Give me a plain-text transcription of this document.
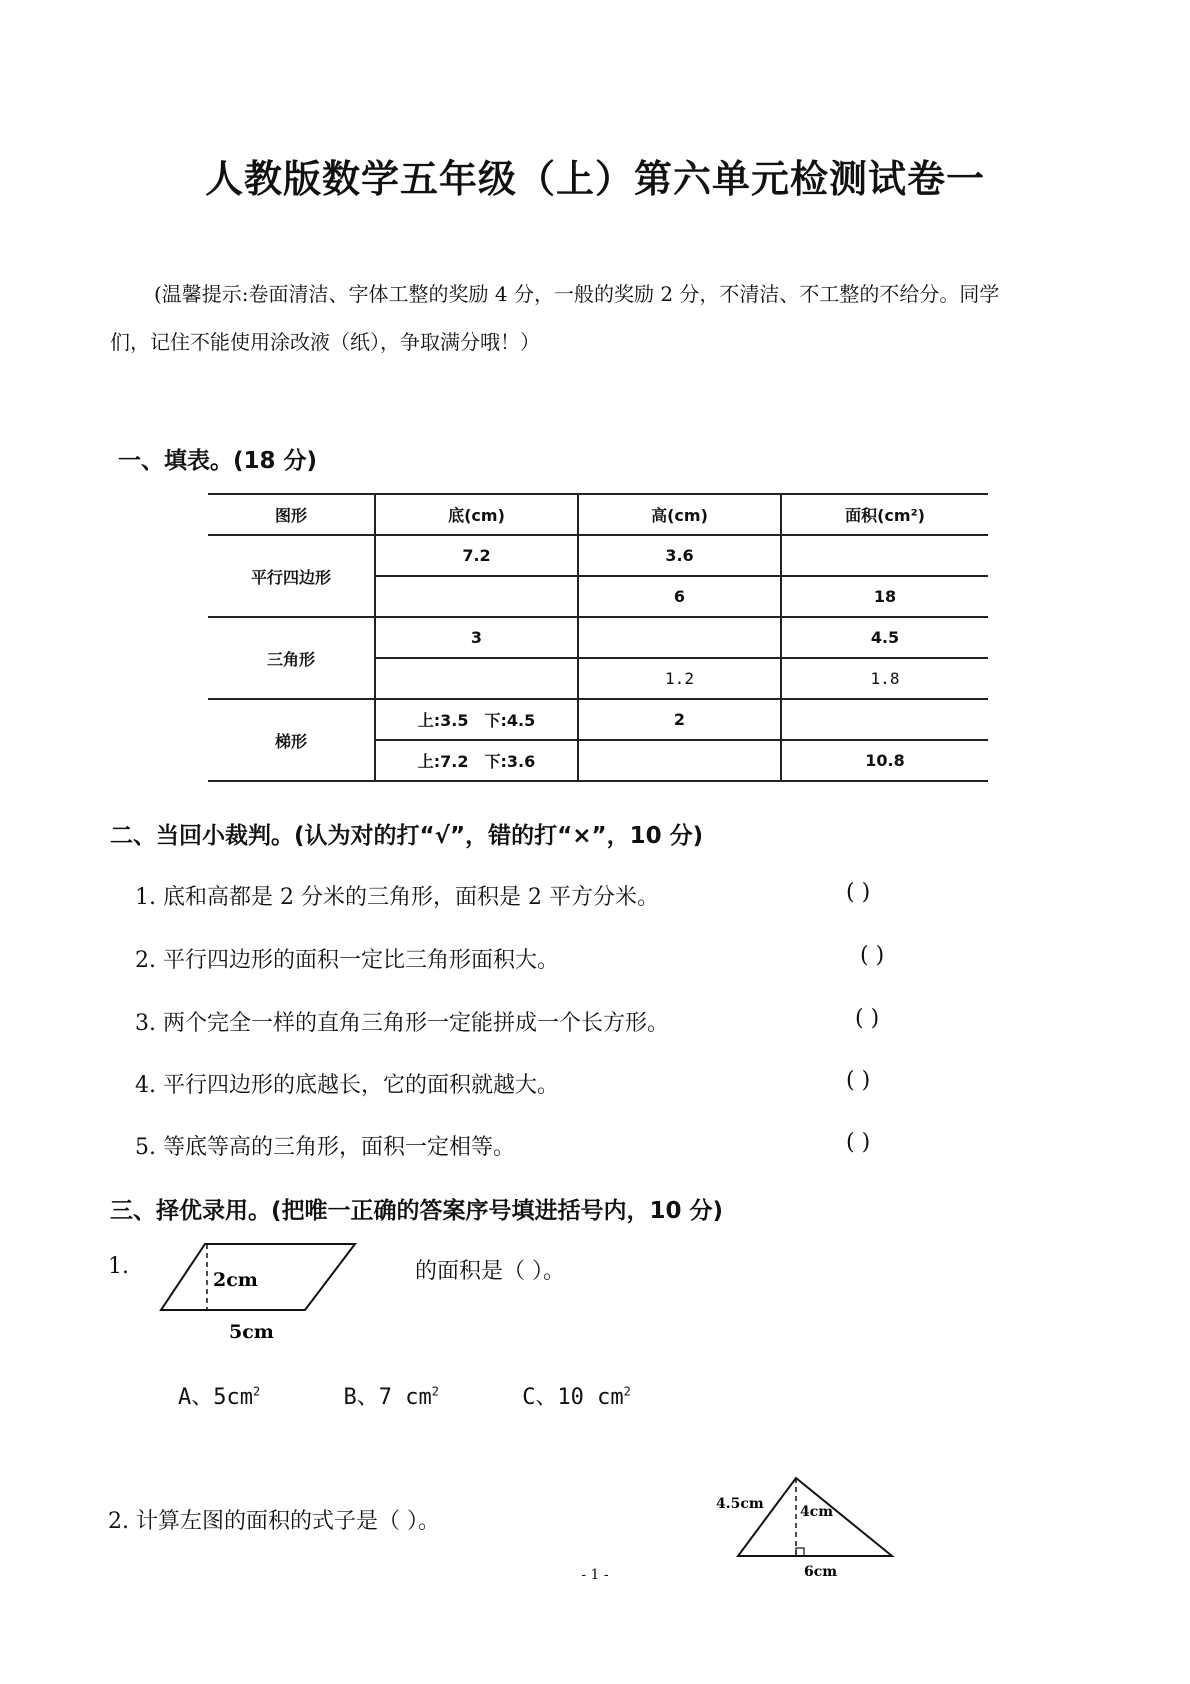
人教版数学五年级（上）第六单元检测试卷一
(温馨提示:卷面清洁、字体工整的奖励 4 分，一般的奖励 2 分，不清洁、不工整的不给分。同学
们，记住不能使用涂改液（纸），争取满分哦！）
一、填表。(18 分)
图形	底(cm)	高(cm)	面积(cm²)
平行四边形	7.2	3.6	
		6	18
三角形	3		4.5
		1.2	1.8
梯形	上:3.5　下:4.5	2	
	上:7.2　下:3.6		10.8
二、当回小裁判。(认为对的打“√”，错的打“×”，10 分)
1. 底和高都是 2 分米的三角形，面积是 2 平方分米。	( )
2. 平行四边形的面积一定比三角形面积大。	( )
3. 两个完全一样的直角三角形一定能拼成一个长方形。	( )
4. 平行四边形的底越长，它的面积就越大。	( )
5. 等底等高的三角形，面积一定相等。	( )
三、择优录用。(把唯一正确的答案序号填进括号内，10 分)
1.
2cm
5cm
的面积是（ ）。
A、$5cm^2$	B、7 $cm^2$	C、10 $cm^2$
2. 计算左图的面积的式子是（ ）。
4.5cm	4cm
6cm
- 1 -
